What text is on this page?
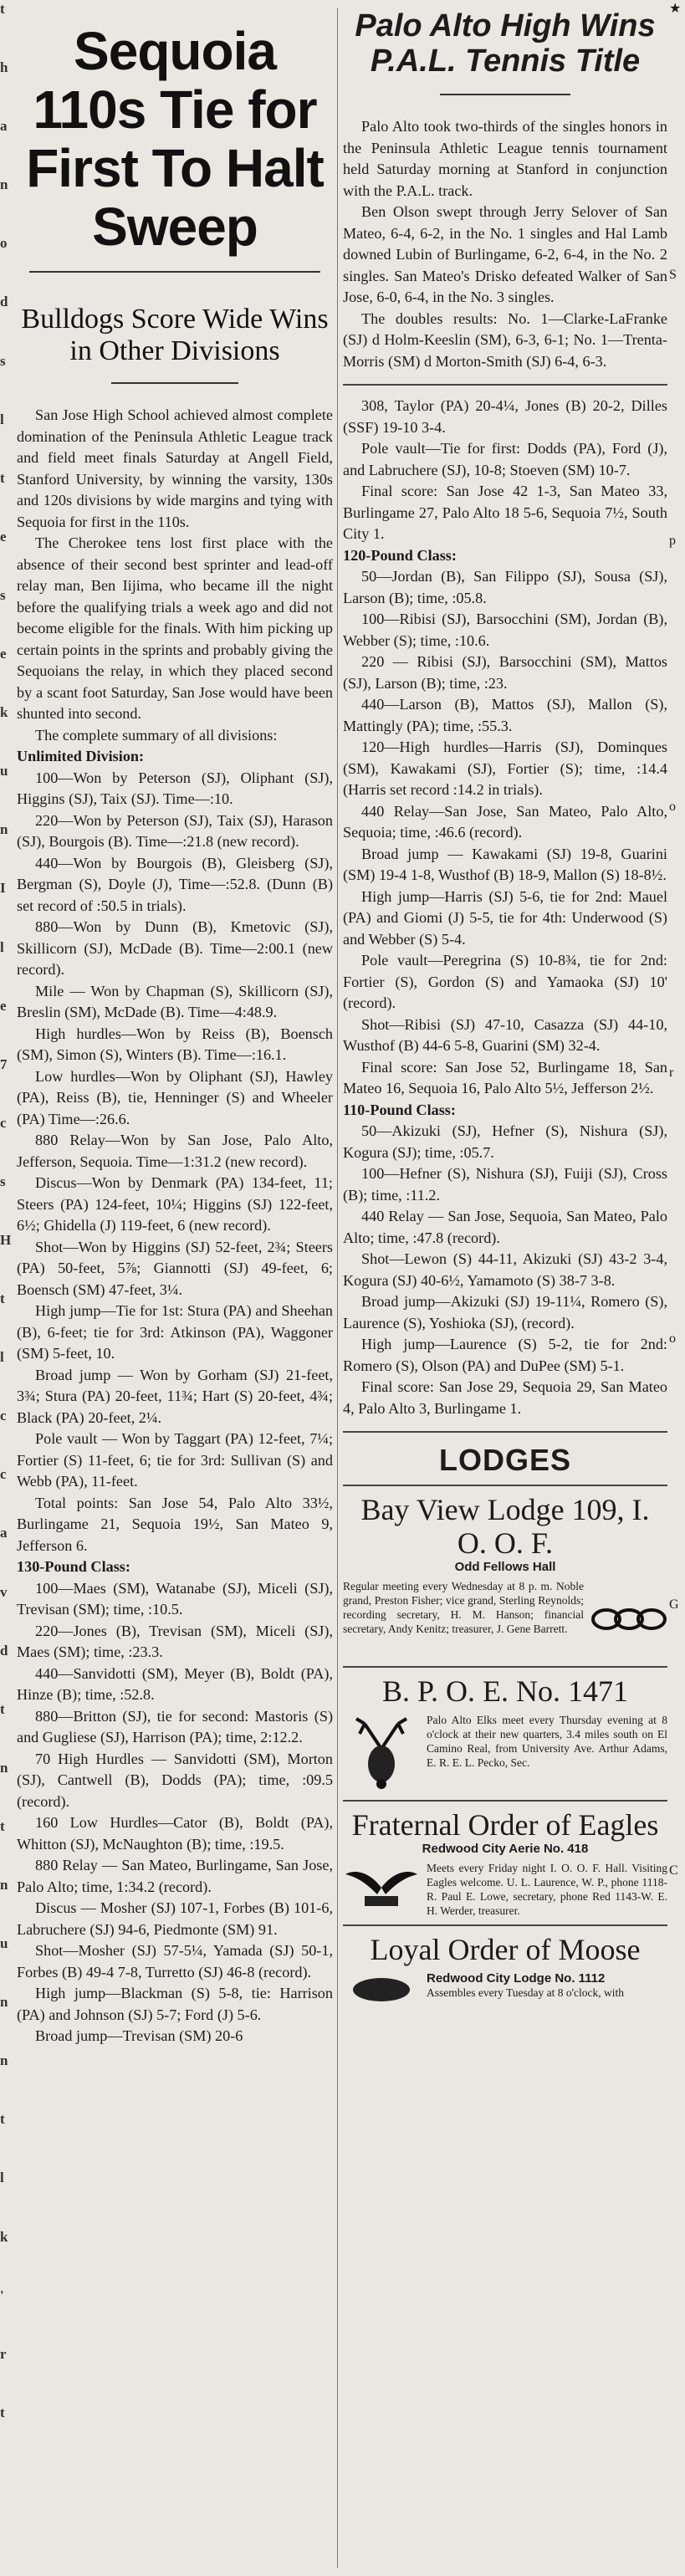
t
h
a
n
o
d
s
l
t
e
s
e
k
u
n
I
l
e
7
c
s
H
t
l
c
c
a
v
d
t
n
t
n
u
n
n
t
l
k
'
r
t
★
S
p
o
r
o
G
C
Sequoia 110s Tie for First To Halt Sweep
Bulldogs Score Wide Wins in Other Divisions

San Jose High School achieved almost complete domination of the Peninsula Athletic League track and field meet finals Saturday at Angell Field, Stanford University, by winning the varsity, 130s and 120s divisions by wide margins and tying with Sequoia for first in the 110s.

The Cherokee tens lost first place with the absence of their second best sprinter and lead-off relay man, Ben Iijima, who became ill the night before the qualifying trials a week ago and did not become eligible for the finals. With him picking up certain points in the sprints and probably giving the Sequoians the relay, in which they placed second by a scant foot Saturday, San Jose would have been shunted into second.

The complete summary of all divisions:

Unlimited Division:

100—Won by Peterson (SJ), Oliphant (SJ), Higgins (SJ), Taix (SJ). Time—:10.

220—Won by Peterson (SJ), Taix (SJ), Harason (SJ), Bourgois (B). Time—:21.8 (new record).

440—Won by Bourgois (B), Gleisberg (SJ), Bergman (S), Doyle (J), Time—:52.8. (Dunn (B) set record of :50.5 in trials).

880—Won by Dunn (B), Kmetovic (SJ), Skillicorn (SJ), McDade (B). Time—2:00.1 (new record).

Mile — Won by Chapman (S), Skillicorn (SJ), Breslin (SM), McDade (B). Time—4:48.9.

High hurdles—Won by Reiss (B), Boensch (SM), Simon (S), Winters (B). Time—:16.1.

Low hurdles—Won by Oliphant (SJ), Hawley (PA), Reiss (B), tie, Henninger (S) and Wheeler (PA) Time—:26.6.

880 Relay—Won by San Jose, Palo Alto, Jefferson, Sequoia. Time—1:31.2 (new record).

Discus—Won by Denmark (PA) 134-feet, 11; Steers (PA) 124-feet, 10¼; Higgins (SJ) 122-feet, 6½; Ghidella (J) 119-feet, 6 (new record).

Shot—Won by Higgins (SJ) 52-feet, 2¾; Steers (PA) 50-feet, 5⅞; Giannotti (SJ) 49-feet, 6; Boensch (SM) 47-feet, 3¼.

High jump—Tie for 1st: Stura (PA) and Sheehan (B), 6-feet; tie for 3rd: Atkinson (PA), Waggoner (SM) 5-feet, 10.

Broad jump — Won by Gorham (SJ) 21-feet, 3¾; Stura (PA) 20-feet, 11¾; Hart (S) 20-feet, 4¾; Black (PA) 20-feet, 2¼.

Pole vault — Won by Taggart (PA) 12-feet, 7¼; Fortier (S) 11-feet, 6; tie for 3rd: Sullivan (S) and Webb (PA), 11-feet.

Total points: San Jose 54, Palo Alto 33½, Burlingame 21, Sequoia 19½, San Mateo 9, Jefferson 6.

130-Pound Class:

100—Maes (SM), Watanabe (SJ), Miceli (SJ), Trevisan (SM); time, :10.5.

220—Jones (B), Trevisan (SM), Miceli (SJ), Maes (SM); time, :23.3.

440—Sanvidotti (SM), Meyer (B), Boldt (PA), Hinze (B); time, :52.8.

880—Britton (SJ), tie for second: Mastoris (S) and Gugliese (SJ), Harrison (PA); time, 2:12.2.

70 High Hurdles — Sanvidotti (SM), Morton (SJ), Cantwell (B), Dodds (PA); time, :09.5 (record).

160 Low Hurdles—Cator (B), Boldt (PA), Whitton (SJ), McNaughton (B); time, :19.5.

880 Relay — San Mateo, Burlingame, San Jose, Palo Alto; time, 1:34.2 (record).

Discus — Mosher (SJ) 107-1, Forbes (B) 101-6, Labruchere (SJ) 94-6, Piedmonte (SM) 91.

Shot—Mosher (SJ) 57-5¼, Yamada (SJ) 50-1, Forbes (B) 49-4 7-8, Turretto (SJ) 46-8 (record).

High jump—Blackman (S) 5-8, tie: Harrison (PA) and Johnson (SJ) 5-7; Ford (J) 5-6.

Broad jump—Trevisan (SM) 20-6

Palo Alto High Wins P.A.L. Tennis Title

Palo Alto took two-thirds of the singles honors in the Peninsula Athletic League tennis tournament held Saturday morning at Stanford in conjunction with the P.A.L. track.

Ben Olson swept through Jerry Selover of San Mateo, 6-4, 6-2, in the No. 1 singles and Hal Lamb downed Lubin of Burlingame, 6-2, 6-4, in the No. 2 singles. San Mateo's Drisko defeated Walker of San Jose, 6-0, 6-4, in the No. 3 singles.

The doubles results: No. 1—Clarke-LaFranke (SJ) d Holm-Keeslin (SM), 6-3, 6-1; No. 1—Trenta-Morris (SM) d Morton-Smith (SJ) 6-4, 6-3.

308, Taylor (PA) 20-4¼, Jones (B) 20-2, Dilles (SSF) 19-10 3-4.

Pole vault—Tie for first: Dodds (PA), Ford (J), and Labruchere (SJ), 10-8; Stoeven (SM) 10-7.

Final score: San Jose 42 1-3, San Mateo 33, Burlingame 27, Palo Alto 18 5-6, Sequoia 7½, South City 1.

120-Pound Class:

50—Jordan (B), San Filippo (SJ), Sousa (SJ), Larson (B); time, :05.8.

100—Ribisi (SJ), Barsocchini (SM), Jordan (B), Webber (S); time, :10.6.

220 — Ribisi (SJ), Barsocchini (SM), Mattos (SJ), Larson (B); time, :23.

440—Larson (B), Mattos (SJ), Mallon (S), Mattingly (PA); time, :55.3.

120—High hurdles—Harris (SJ), Dominques (SM), Kawakami (SJ), Fortier (S); time, :14.4 (Harris set record :14.2 in trials).

440 Relay—San Jose, San Mateo, Palo Alto, Sequoia; time, :46.6 (record).

Broad jump — Kawakami (SJ) 19-8, Guarini (SM) 19-4 1-8, Wusthof (B) 18-9, Mallon (S) 18-8½.

High jump—Harris (SJ) 5-6, tie for 2nd: Mauel (PA) and Giomi (J) 5-5, tie for 4th: Underwood (S) and Webber (S) 5-4.

Pole vault—Peregrina (S) 10-8¾, tie for 2nd: Fortier (S), Gordon (S) and Yamaoka (SJ) 10' (record).

Shot—Ribisi (SJ) 47-10, Casazza (SJ) 44-10, Wusthof (B) 44-6 5-8, Guarini (SM) 32-4.

Final score: San Jose 52, Burlingame 18, San Mateo 16, Sequoia 16, Palo Alto 5½, Jefferson 2½.

110-Pound Class:

50—Akizuki (SJ), Hefner (S), Nishura (SJ), Kogura (SJ); time, :05.7.

100—Hefner (S), Nishura (SJ), Fuiji (SJ), Cross (B); time, :11.2.

440 Relay — San Jose, Sequoia, San Mateo, Palo Alto; time, :47.8 (record).

Shot—Lewon (S) 44-11, Akizuki (SJ) 43-2 3-4, Kogura (SJ) 40-6½, Yamamoto (S) 38-7 3-8.

Broad jump—Akizuki (SJ) 19-11¼, Romero (S), Laurence (S), Yoshioka (SJ), (record).

High jump—Laurence (S) 5-2, tie for 2nd: Romero (S), Olson (PA) and DuPee (SM) 5-1.

Final score: San Jose 29, Sequoia 29, San Mateo 4, Palo Alto 3, Burlingame 1.

LODGES
Bay View Lodge 109, I. O. O. F.
Odd Fellows Hall
Regular meeting every Wednesday at 8 p. m. Noble grand, Preston Fisher; vice grand, Sterling Reynolds; recording secretary, H. M. Hanson; financial secretary, Andy Kenitz; treasurer, J. Gene Barrett.
B. P. O. E. No. 1471
Palo Alto Elks meet every Thursday evening at 8 o'clock at their new quarters, 3.4 miles south on El Camino Real, from University Ave. Arthur Adams, E. R. E. L. Pecko, Sec.
Fraternal Order of Eagles
Redwood City Aerie No. 418
Meets every Friday night I. O. O. F. Hall. Visiting Eagles welcome. U. L. Laurence, W. P., phone 1118-R. Paul E. Lowe, secretary, phone Red 1143-W. E. H. Werder, treasurer.
Loyal Order of Moose
Redwood City Lodge No. 1112
Assembles every Tuesday at 8 o'clock, with
